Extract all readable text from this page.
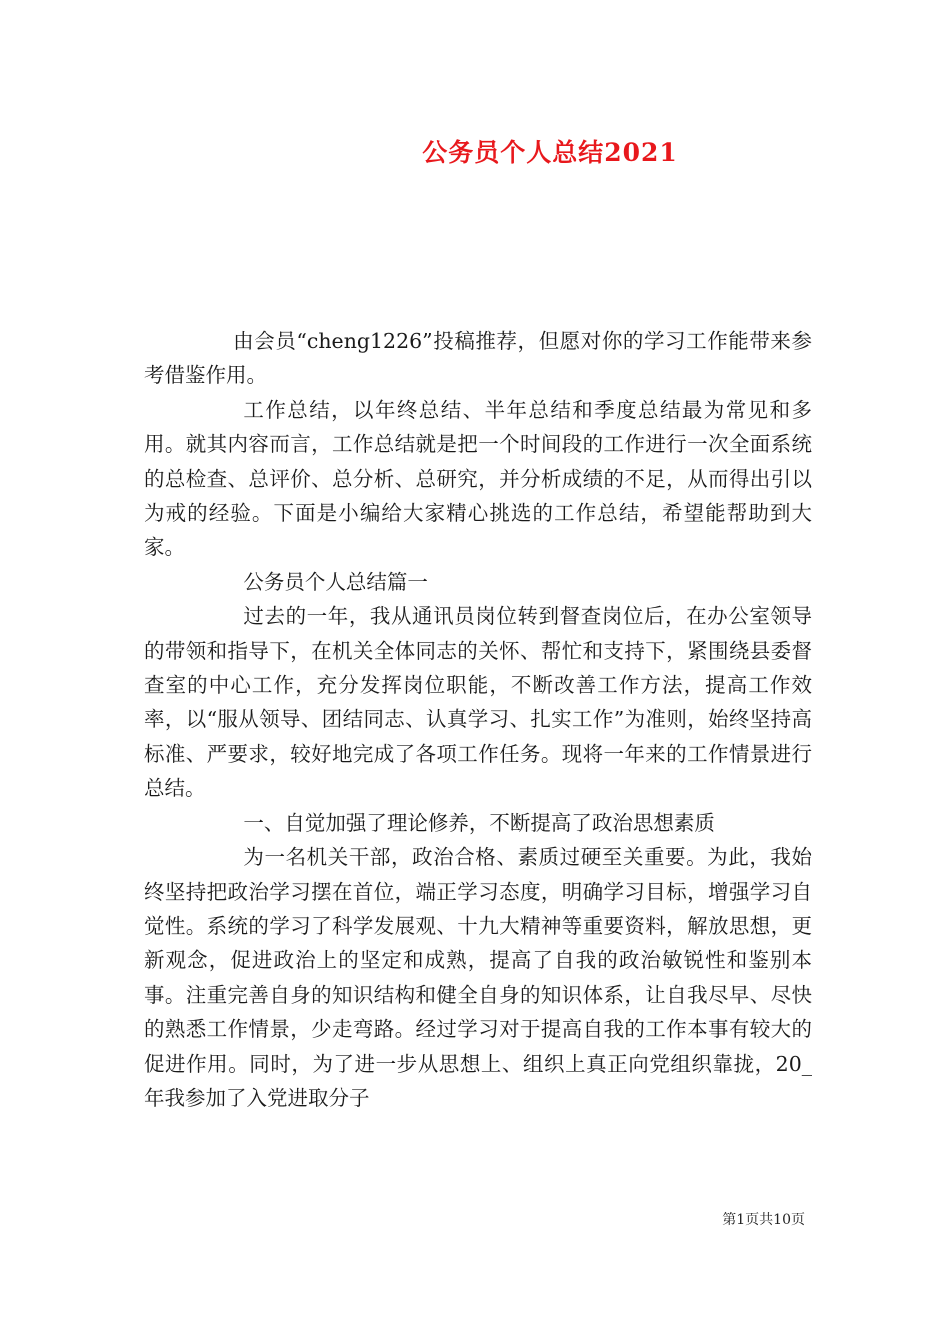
公务员个人总结2021

由会员“cheng1226”投稿推荐，但愿对你的学习工作能带来参考借鉴作用。

工作总结，以年终总结、半年总结和季度总结最为常见和多用。就其内容而言，工作总结就是把一个时间段的工作进行一次全面系统的总检查、总评价、总分析、总研究，并分析成绩的不足，从而得出引以为戒的经验。下面是小编给大家精心挑选的工作总结，希望能帮助到大家。

公务员个人总结篇一

过去的一年，我从通讯员岗位转到督查岗位后，在办公室领导的带领和指导下，在机关全体同志的关怀、帮忙和支持下，紧围绕县委督查室的中心工作，充分发挥岗位职能，不断改善工作方法，提高工作效率，以“服从领导、团结同志、认真学习、扎实工作”为准则，始终坚持高标准、严要求，较好地完成了各项工作任务。现将一年来的工作情景进行总结。

一、自觉加强了理论修养，不断提高了政治思想素质

为一名机关干部，政治合格、素质过硬至关重要。为此，我始终坚持把政治学习摆在首位，端正学习态度，明确学习目标，增强学习自觉性。系统的学习了科学发展观、十九大精神等重要资料，解放思想，更新观念，促进政治上的坚定和成熟，提高了自我的政治敏锐性和鉴别本事。注重完善自身的知识结构和健全自身的知识体系，让自我尽早、尽快的熟悉工作情景，少走弯路。经过学习对于提高自我的工作本事有较大的促进作用。同时，为了进一步从思想上、组织上真正向党组织靠拢，20_年我参加了入党进取分子

第1页共10页
